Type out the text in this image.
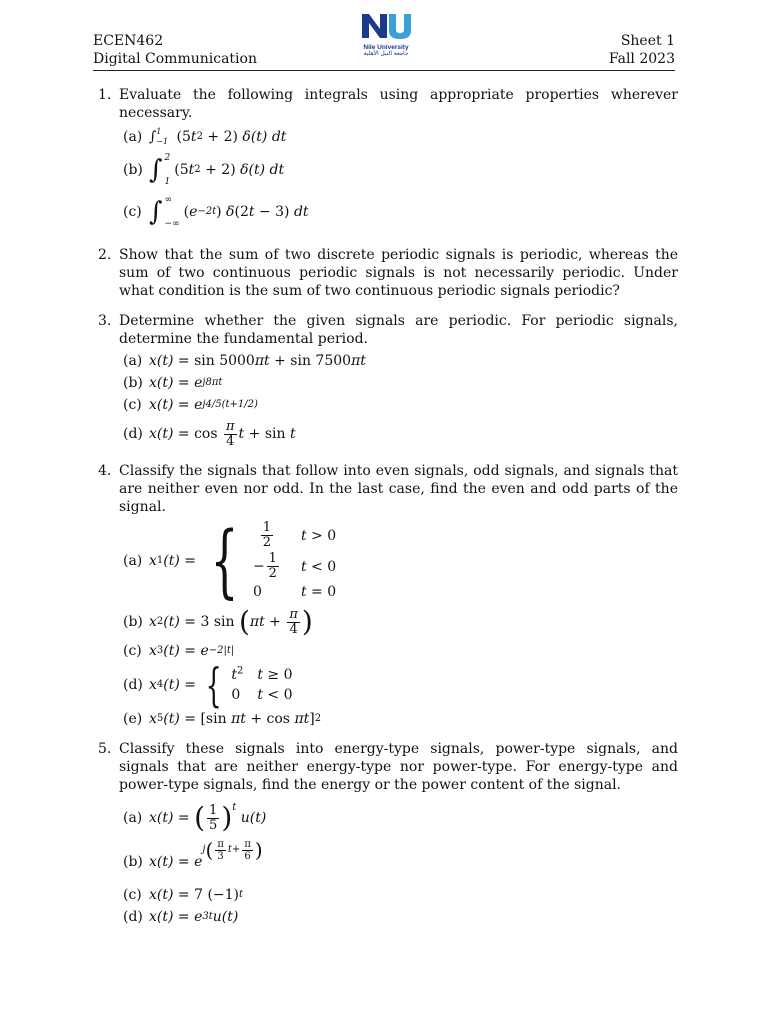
ECEN462
Digital Communication
Nile University
جامعة النيل الأهلية
Sheet 1
Fall 2023
1. Evaluate the following integrals using appropriate properties wherever necessary.
(a) ∫ 1
−1
(5 t 2 + 2) δ(t) dt
(b) ∫ 2
1
(5 t 2 + 2) δ(t) dt
(c) ∫ ∞
−∞
( e −2t ) δ (2 t − 3) dt
2. Show that the sum of two discrete periodic signals is periodic, whereas the sum of two continuous periodic signals is not necessarily periodic. Under what condition is the sum of two continuous periodic signals periodic?
3. Determine whether the given signals are periodic. For periodic signals, determine the fundamental period.
(a) x(t) = sin 5000 πt + sin 7500 πt
(b) x(t) = e j8πt
(c) x(t) = e j4/5(t+1/2)
(d) $x(t) = \cos \frac{\pi}{4}$ t + sin t
4. Classify the signals that follow into even signals, odd signals, and signals that are neither even nor odd. In the last case, find the even and odd parts of the signal.
(a) x 1 (t) = { $\frac{1}{2}$ t > 0
− $\frac{1}{2}$ t < 0
0	t = 0
(b) x 2 (t) = 3 sin ( $\pi t + \frac{\pi}{4}$ )
(c) x 3 (t) = e −2|t|
(d) x 4 (t) = { $t^2$ t ≥ 0
0 t < 0
(e) x 5 (t) = [sin πt + cos πt ] 2
5. Classify these signals into energy-type signals, power-type signals, and signals that are neither energy-type nor power-type. For energy-type and power-type signals, find the energy or the power content of the signal.
(a) x(t) = ( $\frac{1}{5} )^t$
u(t)
(b) x(t) = e
j ( $\frac{\pi}{3}$ $t + \frac{\pi}{6}$ )
(c) x(t) = 7 (−1) t
(d) x(t) = e 3t u(t)
